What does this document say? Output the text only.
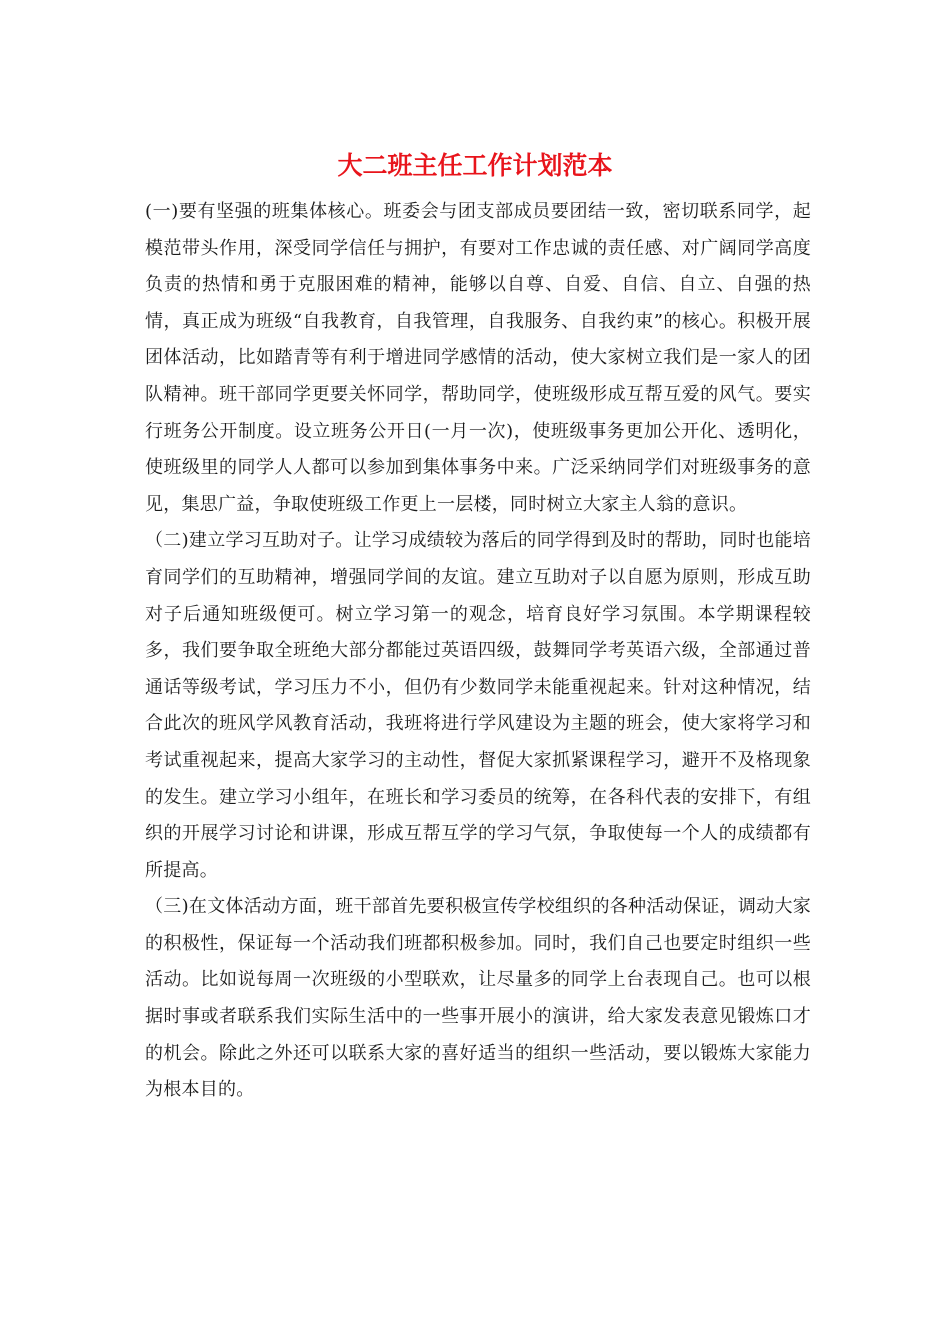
大二班主任工作计划范本

(一)要有坚强的班集体核心。班委会与团支部成员要团结一致，密切联系同学，起模范带头作用，深受同学信任与拥护，有要对工作忠诚的责任感、对广阔同学高度负责的热情和勇于克服困难的精神，能够以自尊、自爱、自信、自立、自强的热情，真正成为班级“自我教育，自我管理，自我服务、自我约束”的核心。积极开展团体活动，比如踏青等有利于增进同学感情的活动，使大家树立我们是一家人的团队精神。班干部同学更要关怀同学，帮助同学，使班级形成互帮互爱的风气。要实行班务公开制度。设立班务公开日(一月一次)，使班级事务更加公开化、透明化，使班级里的同学人人都可以参加到集体事务中来。广泛采纳同学们对班级事务的意见，集思广益，争取使班级工作更上一层楼，同时树立大家主人翁的意识。

（二)建立学习互助对子。让学习成绩较为落后的同学得到及时的帮助，同时也能培育同学们的互助精神，增强同学间的友谊。建立互助对子以自愿为原则，形成互助对子后通知班级便可。树立学习第一的观念，培育良好学习氛围。本学期课程较多，我们要争取全班绝大部分都能过英语四级，鼓舞同学考英语六级，全部通过普通话等级考试，学习压力不小，但仍有少数同学未能重视起来。针对这种情况，结合此次的班风学风教育活动，我班将进行学风建设为主题的班会，使大家将学习和考试重视起来，提高大家学习的主动性，督促大家抓紧课程学习，避开不及格现象的发生。建立学习小组年，在班长和学习委员的统筹，在各科代表的安排下，有组织的开展学习讨论和讲课，形成互帮互学的学习气氛，争取使每一个人的成绩都有所提高。

（三)在文体活动方面，班干部首先要积极宣传学校组织的各种活动保证，调动大家的积极性，保证每一个活动我们班都积极参加。同时，我们自己也要定时组织一些活动。比如说每周一次班级的小型联欢，让尽量多的同学上台表现自己。也可以根据时事或者联系我们实际生活中的一些事开展小的演讲，给大家发表意见锻炼口才的机会。除此之外还可以联系大家的喜好适当的组织一些活动，要以锻炼大家能力为根本目的。
